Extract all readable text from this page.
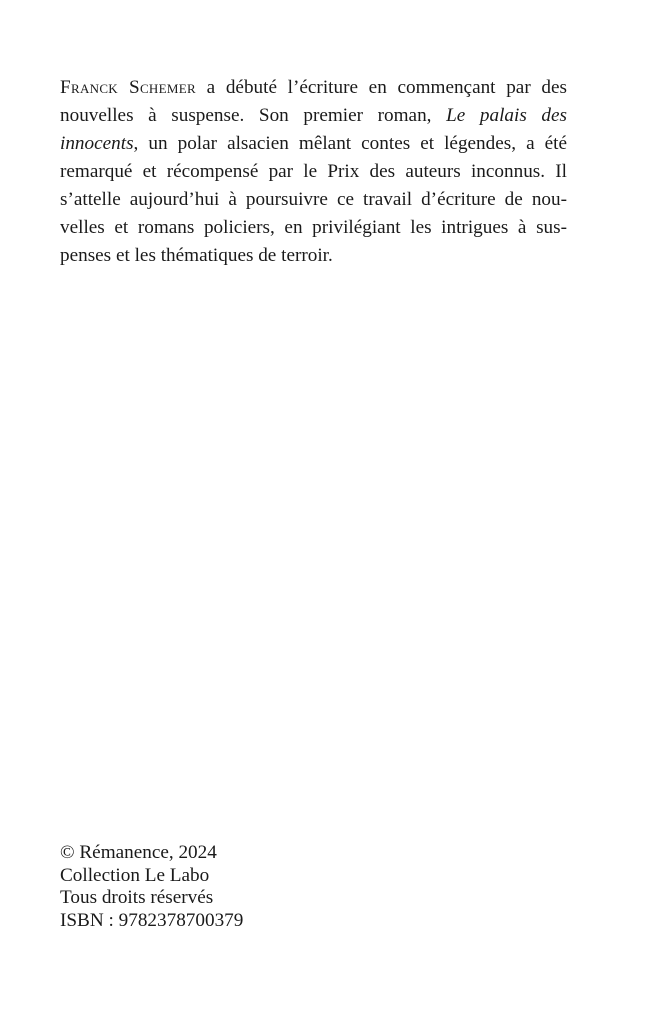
Franck Schemer a débuté l’écriture en commençant par des nouvelles à suspense. Son premier roman, Le palais des innocents, un polar alsacien mêlant contes et légendes, a été remarqué et récompensé par le Prix des auteurs inconnus. Il s’attelle aujourd’hui à poursuivre ce travail d’écriture de nouvelles et romans policiers, en privilégiant les intrigues à suspenses et les thématiques de terroir.

© Rémanence, 2024
Collection Le Labo
Tous droits réservés
ISBN : 9782378700379
